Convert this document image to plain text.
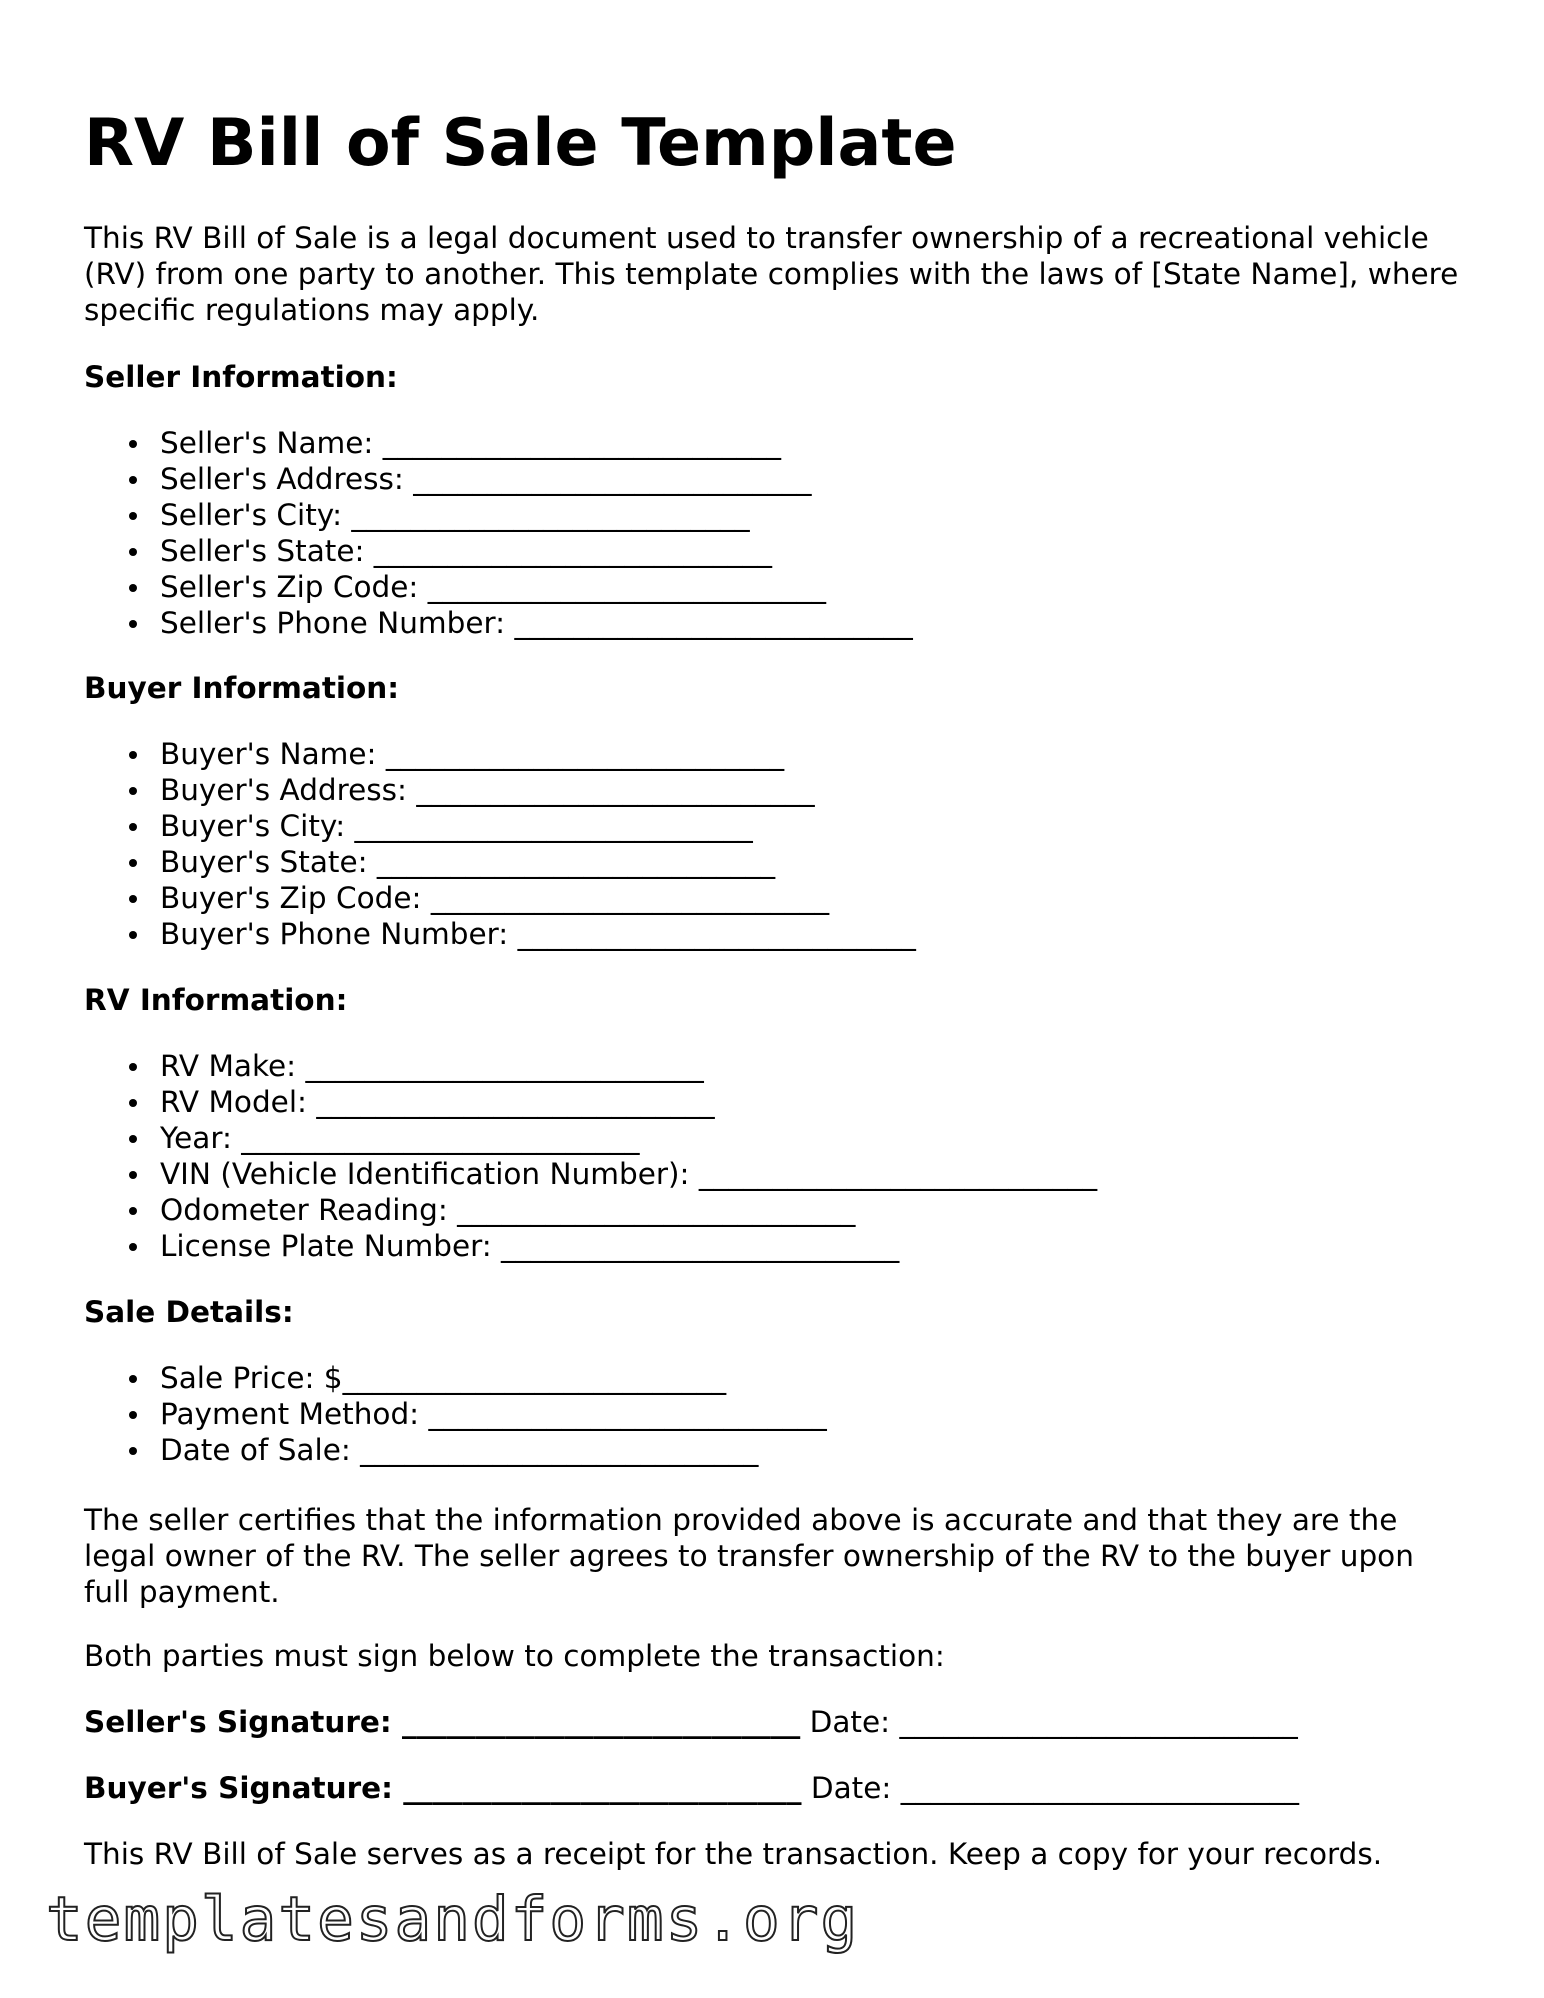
RV Bill of Sale Template

This RV Bill of Sale is a legal document used to transfer ownership of a recreational vehicle (RV) from one party to another. This template complies with the laws of [State Name], where specific regulations may apply.

Seller Information:

Seller's Name: ___________________________
Seller's Address: ___________________________
Seller's City: ___________________________
Seller's State: ___________________________
Seller's Zip Code: ___________________________
Seller's Phone Number: ___________________________

Buyer Information:

Buyer's Name: ___________________________
Buyer's Address: ___________________________
Buyer's City: ___________________________
Buyer's State: ___________________________
Buyer's Zip Code: ___________________________
Buyer's Phone Number: ___________________________

RV Information:

RV Make: ___________________________
RV Model: ___________________________
Year: ___________________________
VIN (Vehicle Identification Number): ___________________________
Odometer Reading: ___________________________
License Plate Number: ___________________________

Sale Details:

Sale Price: $__________________________
Payment Method: ___________________________
Date of Sale: ___________________________

The seller certifies that the information provided above is accurate and that they are the legal owner of the RV. The seller agrees to transfer ownership of the RV to the buyer upon full payment.

Both parties must sign below to complete the transaction:

Seller's Signature: ___________________________ Date: ___________________________

Buyer's Signature: ___________________________ Date: ___________________________

This RV Bill of Sale serves as a receipt for the transaction. Keep a copy for your records.

templatesandforms.org
